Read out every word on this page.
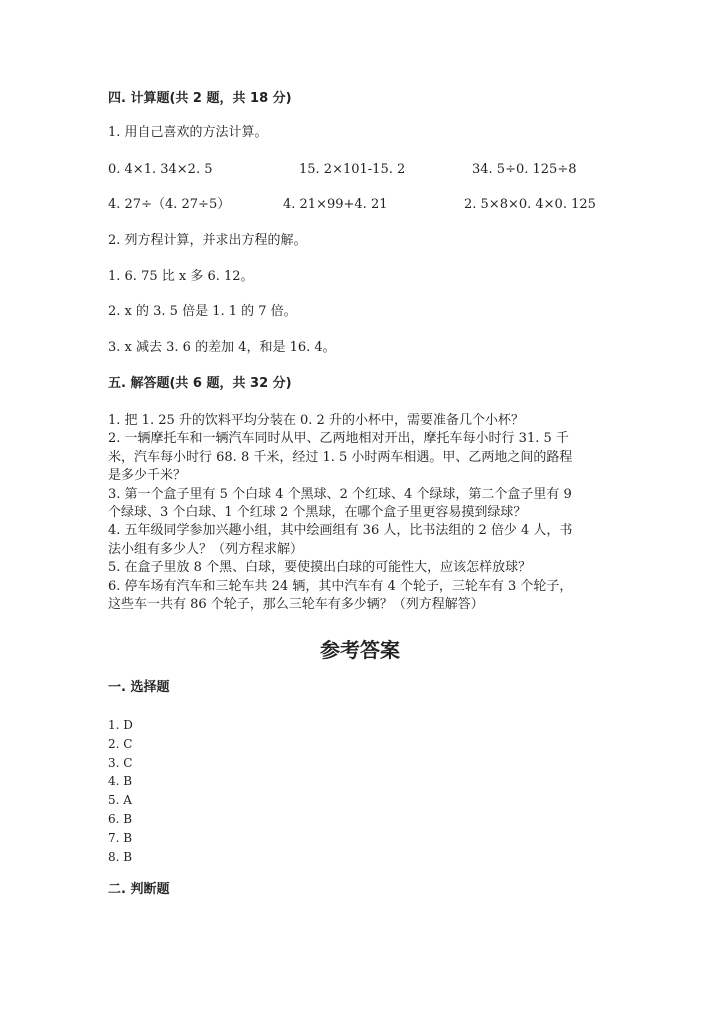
四. 计算题(共 2 题，共 18 分)
1. 用自己喜欢的方法计算。
0. 4×1. 34×2. 5	15. 2×101-15. 2	34. 5÷0. 125÷8
4. 27÷（4. 27÷5）	4. 21×99+4. 21	2. 5×8×0. 4×0. 125
2. 列方程计算，并求出方程的解。
1. 6. 75 比 x 多 6. 12。
2. x 的 3. 5 倍是 1. 1 的 7 倍。
3. x 减去 3. 6 的差加 4，和是 16. 4。
五. 解答题(共 6 题，共 32 分)
1. 把 1. 25 升的饮料平均分装在 0. 2 升的小杯中，需要准备几个小杯？
2. 一辆摩托车和一辆汽车同时从甲、乙两地相对开出，摩托车每小时行 31. 5 千
米，汽车每小时行 68. 8 千米，经过 1. 5 小时两车相遇。甲、乙两地之间的路程
是多少千米？
3. 第一个盒子里有 5 个白球 4 个黑球、2 个红球、4 个绿球，第二个盒子里有 9
个绿球、3 个白球、1 个红球 2 个黑球，在哪个盒子里更容易摸到绿球？
4. 五年级同学参加兴趣小组，其中绘画组有 36 人，比书法组的 2 倍少 4 人，书
法小组有多少人？（列方程求解）
5. 在盒子里放 8 个黑、白球，要使摸出白球的可能性大，应该怎样放球？
6. 停车场有汽车和三轮车共 24 辆，其中汽车有 4 个轮子，三轮车有 3 个轮子，
这些车一共有 86 个轮子，那么三轮车有多少辆？（列方程解答）
参考答案
一. 选择题
1. D
2. C
3. C
4. B
5. A
6. B
7. B
8. B
二. 判断题
